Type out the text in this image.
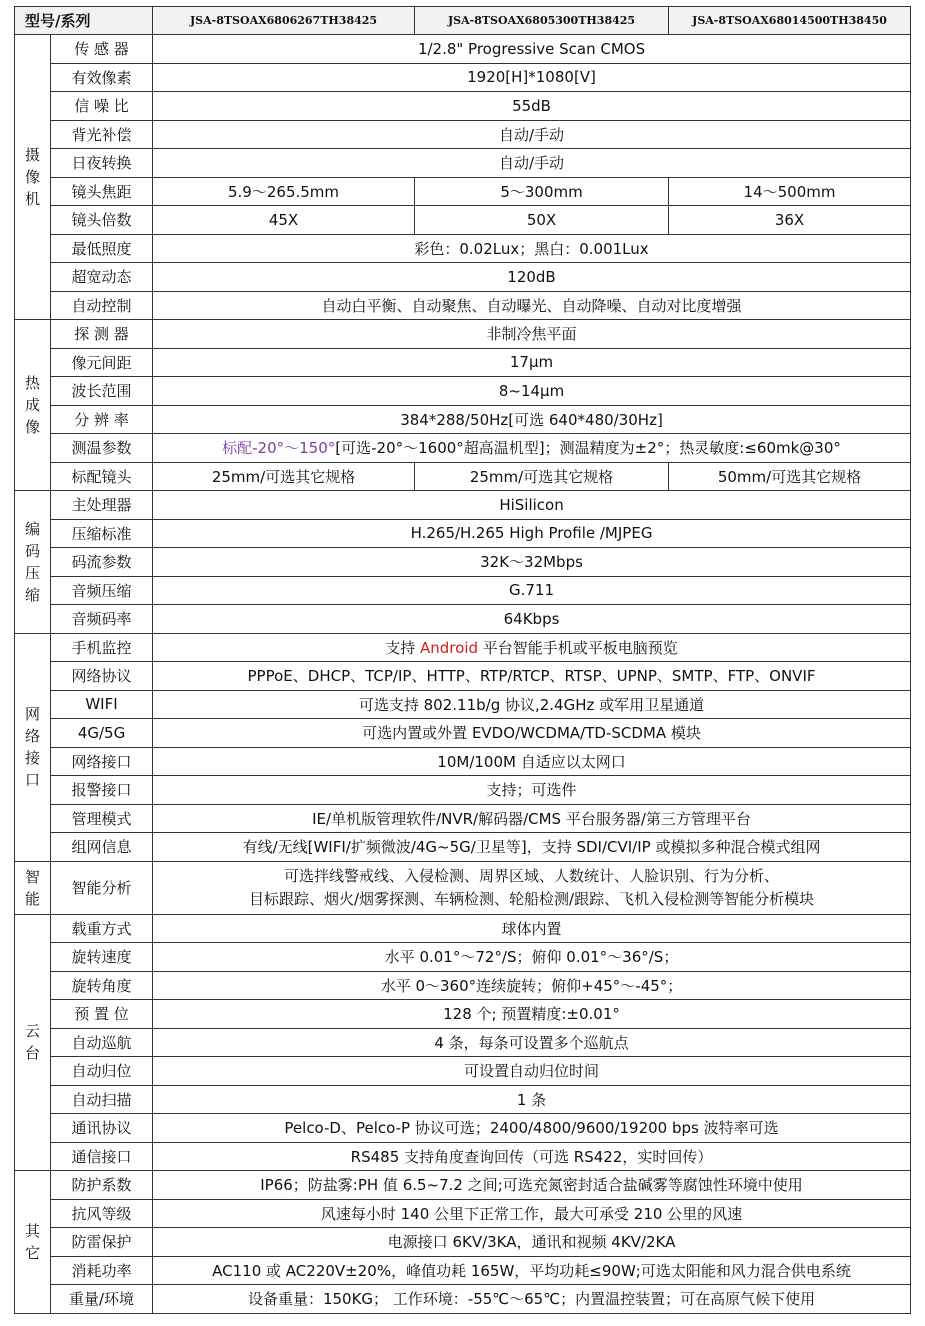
型号/系列		JSA-8TSOAX6806267TH38425	JSA-8TSOAX6805300TH38425	JSA-8TSOAX68014500TH38450

摄
像
机	传 感 器	1/2.8" Progressive Scan CMOS		
	有效像素	1920[H]*1080[V]		
	信 噪 比	55dB		
	背光补偿	自动/手动		
	日夜转换	自动/手动		
	镜头焦距	5.9～265.5mm	5～300mm	14～500mm
	镜头倍数	45X	50X	36X
	最低照度	彩色：0.02Lux；黑白：0.001Lux		
	超宽动态	120dB		
	自动控制	自动白平衡、自动聚焦、自动曝光、自动降噪、自动对比度增强		

热
成
像	探 测 器	非制冷焦平面		
	像元间距	17μm		
	波长范围	8~14μm		
	分 辨 率	384*288/50Hz[可选 640*480/30Hz]		
	测温参数	标配-20°～150°[可选-20°～1600°超高温机型]；测温精度为±2°；热灵敏度:≤60mk@30°		
	标配镜头	25mm/可选其它规格	25mm/可选其它规格	50mm/可选其它规格

编
码
压
缩	主处理器	HiSilicon		
	压缩标准	H.265/H.265 High Profile /MJPEG		
	码流参数	32K～32Mbps		
	音频压缩	G.711		
	音频码率	64Kbps		

网
络
接
口	手机监控	支持 Android 平台智能手机或平板电脑预览		
	网络协议	PPPoE、DHCP、TCP/IP、HTTP、RTP/RTCP、RTSP、UPNP、SMTP、FTP、ONVIF		
	WIFI	可选支持 802.11b/g 协议,2.4GHz 或军用卫星通道		
	4G/5G	可选内置或外置 EVDO/WCDMA/TD-SCDMA 模块		
	网络接口	10M/100M 自适应以太网口		
	报警接口	支持；可选件		
	管理模式	IE/单机版管理软件/NVR/解码器/CMS 平台服务器/第三方管理平台		
	组网信息	有线/无线[WIFI/扩频微波/4G~5G/卫星等]，支持 SDI/CVI/IP 或模拟多种混合模式组网		

智
能	智能分析	可选拌线警戒线、入侵检测、周界区域、人数统计、人脸识别、行为分析、
目标跟踪、烟火/烟雾探测、车辆检测、轮船检测/跟踪、飞机入侵检测等智能分析模块		

云
台	载重方式	球体内置		
	旋转速度	水平 0.01°～72°/S；俯仰 0.01°～36°/S；		
	旋转角度	水平 0～360°连续旋转；俯仰+45°～-45°；		
	预 置 位	128 个; 预置精度:±0.01°		
	自动巡航	4 条，每条可设置多个巡航点		
	自动归位	可设置自动归位时间		
	自动扫描	1 条		
	通讯协议	Pelco-D、Pelco-P 协议可选；2400/4800/9600/19200 bps 波特率可选		
	通信接口	RS485 支持角度查询回传（可选 RS422，实时回传）		

其
它	防护系数	IP66；防盐雾:PH 值 6.5~7.2 之间;可选充氮密封适合盐碱雾等腐蚀性环境中使用		
	抗风等级	风速每小时 140 公里下正常工作，最大可承受 210 公里的风速		
	防雷保护	电源接口 6KV/3KA，通讯和视频 4KV/2KA		
	消耗功率	AC110 或 AC220V±20%，峰值功耗 165W，平均功耗≤90W;可选太阳能和风力混合供电系统		
	重量/环境	设备重量：150KG； 工作环境：-55℃～65℃；内置温控装置；可在高原气候下使用		
